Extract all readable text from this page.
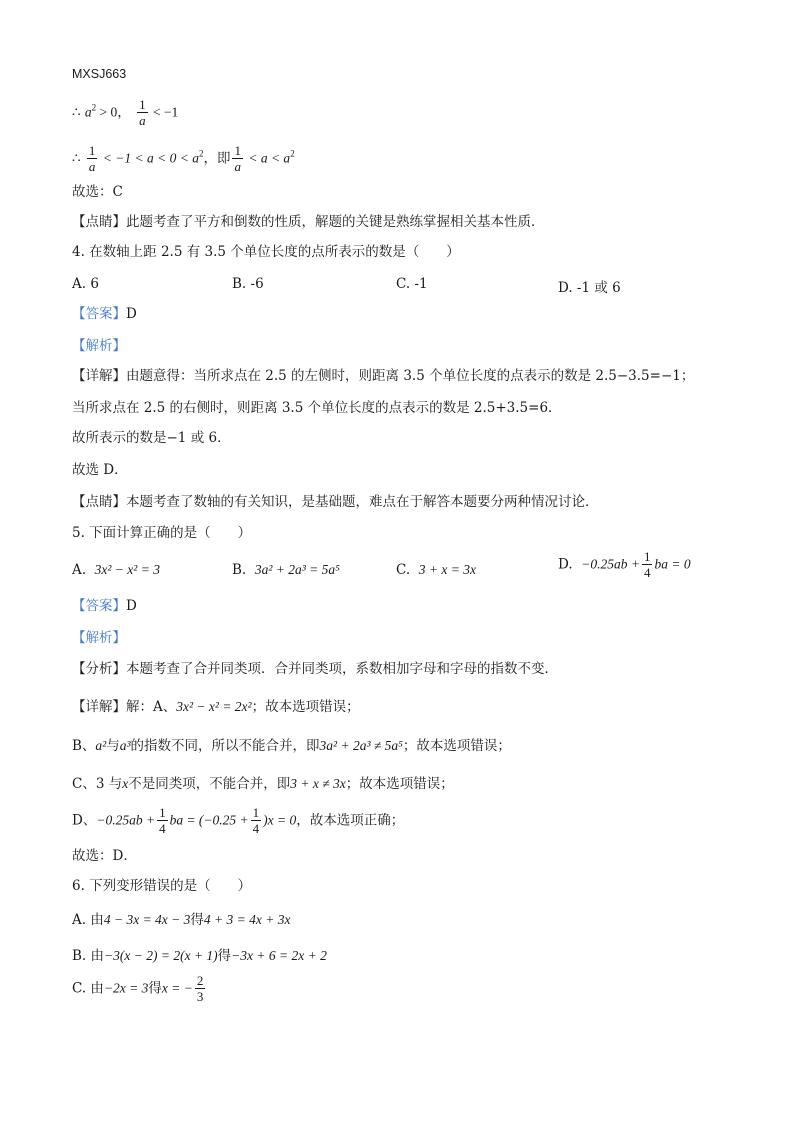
MXSJ663
∴ $a^2 > 0$， $\frac{1}{a} < -1$
∴ $\frac{1}{a} < -1 < a < 0 < a^2$，即 $\frac{1}{a} < a < a^2$
故选：C
【点睛】此题考查了平方和倒数的性质，解题的关键是熟练掌握相关基本性质．
4. 在数轴上距 2.5 有 3.5 个单位长度的点所表示的数是（　　）
A. 6	B. -6	C. -1	D. -1 或 6
【答案】D
【解析】
【详解】由题意得：当所求点在 2.5 的左侧时，则距离 3.5 个单位长度的点表示的数是 2.5−3.5=−1；
当所求点在 2.5 的右侧时，则距离 3.5 个单位长度的点表示的数是 2.5+3.5=6．
故所表示的数是−1 或 6．
故选 D．
【点睛】本题考查了数轴的有关知识，是基础题，难点在于解答本题要分两种情况讨论．
5. 下面计算正确的是（　　）
A. 3x² − x² = 3	B. 3a² + 2a³ = 5a⁵	C. 3 + x = 3x	D. $-0.25ab + \frac{1}{4}$ ba = 0
【答案】D
【解析】
【分析】本题考查了合并同类项．合并同类项，系数相加字母和字母的指数不变．
【详解】解：A、3x² − x² = 2x²；故本选项错误；
B、a²与a³的指数不同，所以不能合并，即3a² + 2a³ ≠ 5a⁵；故本选项错误；
C、3 与x不是同类项，不能合并，即3 + x ≠ 3x；故本选项错误；
D、$-0.25ab + \frac{1}{4}$ ba = $(-0.25 + \frac{1}{4} )x = 0$，故本选项正确；
故选：D．
6. 下列变形错误的是（　　）
A. 由4 − 3x = 4x − 3得4 + 3 = 4x + 3x
B. 由−3(x − 2) = 2(x + 1)得−3x + 6 = 2x + 2
C. 由−2x = 3得x = − $\frac{2}{3}$
